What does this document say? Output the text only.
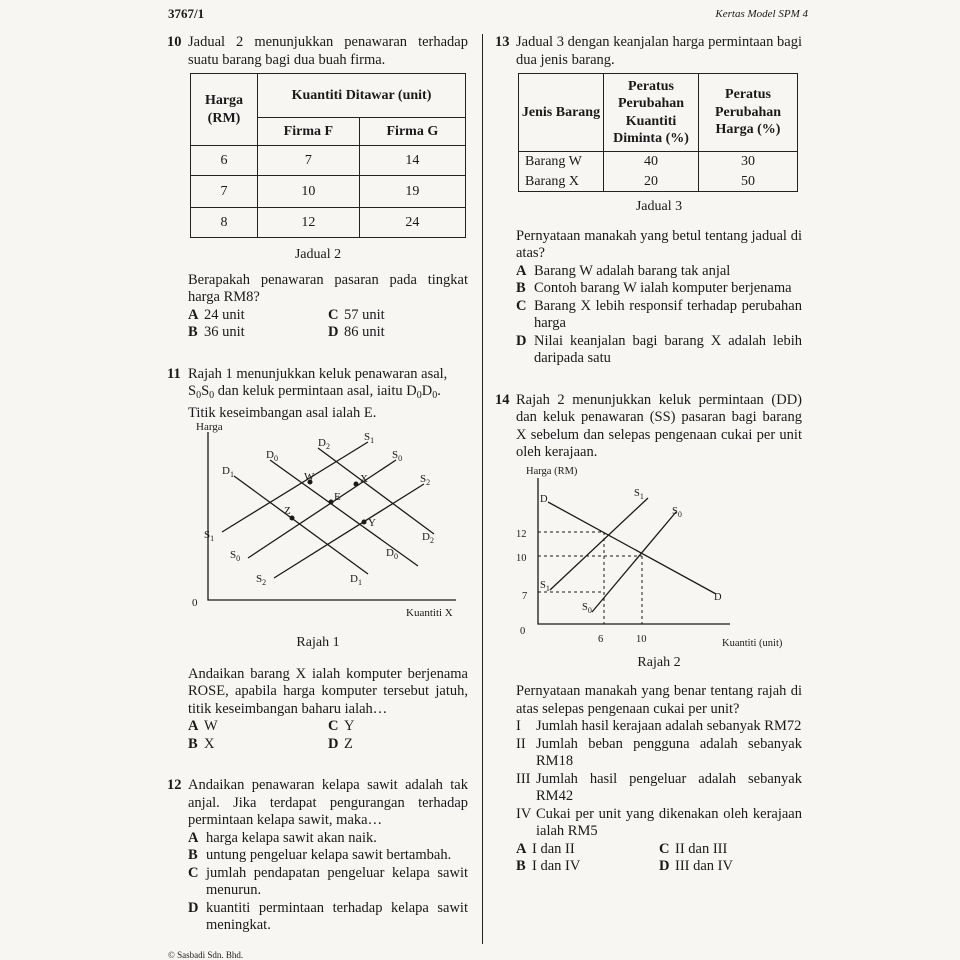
3767/1	Kertas Model SPM 4
10 Jadual 2 menunjukkan penawaran terhadap suatu barang bagi dua buah firma.
Harga
(RM)	Kuantiti Ditawar (unit)	
	Firma F	Firma G
6	7	14
7	10	19
8	12	24
Jadual 2
Berapakah penawaran pasaran pada tingkat harga RM8?
A 24 unit	C 57 unit
B 36 unit	D 86 unit
11 Rajah 1 menunjukkan keluk penawaran asal,
$S_0S_0$ dan keluk permintaan asal, iaitu $D_0D_0$.
Titik keseimbangan asal ialah E.
Harga
0
Kuantiti X
$D_2$
$D_0$
$D_1$
$S_1$
$S_0$
$S_2$
$D_2$
$D_0$
$D_1$
$S_1$
$S_0$
$S_2$
W	X
E
Y
Z
Rajah 1
Andaikan barang X ialah komputer berjenama ROSE, apabila harga komputer tersebut jatuh, titik keseimbangan baharu ialah…
A W	C Y
B X	D Z
12 Andaikan penawaran kelapa sawit adalah tak anjal. Jika terdapat pengurangan terhadap permintaan kelapa sawit, maka…
A harga kelapa sawit akan naik.
B untung pengeluar kelapa sawit bertambah.
C jumlah pendapatan pengeluar kelapa sawit menurun.
D kuantiti permintaan terhadap kelapa sawit meningkat.
13 Jadual 3 dengan keanjalan harga permintaan bagi dua jenis barang.
Jenis Barang	Peratus Perubahan Kuantiti Diminta (%)	Peratus Perubahan Harga (%)
Barang W	40	30
Barang X	20	50
Jadual 3
Pernyataan manakah yang betul tentang jadual di atas?
A Barang W adalah barang tak anjal
B Contoh barang W ialah komputer berjenama
C Barang X lebih responsif terhadap perubahan harga
D Nilai keanjalan bagi barang X adalah lebih daripada satu
14 Rajah 2 menunjukkan keluk permintaan (DD) dan keluk penawaran (SS) pasaran bagi barang X sebelum dan selepas pengenaan cukai per unit oleh kerajaan.
Harga (RM)
0
Kuantiti (unit)
12
10
7
6	10
D
D
$S_1$
$S_0$
$S_1$
$S_0$
Rajah 2
Pernyataan manakah yang benar tentang rajah di atas selepas pengenaan cukai per unit?
I	Jumlah hasil kerajaan adalah sebanyak RM72
II Jumlah beban pengguna adalah sebanyak RM18
III Jumlah hasil pengeluar adalah sebanyak RM42
IV Cukai per unit yang dikenakan oleh kerajaan ialah RM5
A I dan II	C II dan III
B I dan IV	D III dan IV
© Sasbadi Sdn. Bhd.
